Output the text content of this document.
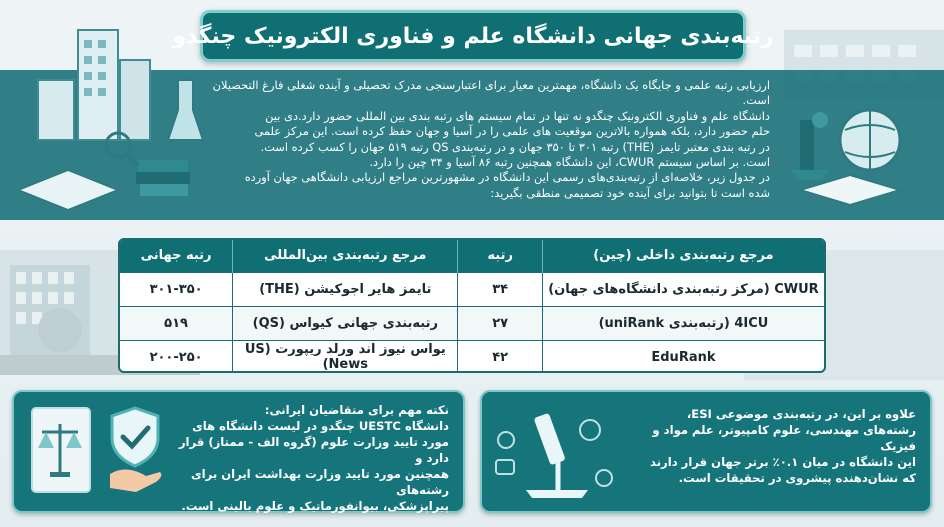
رتبه‌بندی جهانی دانشگاه علم و فناوری الکترونیک چنگدو

ارزیابی رتبه علمی و جایگاه یک دانشگاه، مهمترین معیار برای اعتبارسنجی مدرک تحصیلی و آینده شغلی فارغ التحصیلان است.

دانشگاه علم و فناوری الکترونیک چنگدو نه تنها در تمام سیستم های رتبه بندی بین المللی حضور دارد.دی بین

حلم حضور دارد، بلکه همواره بالاترین موقعیت های علمی را در آسیا و جهان حفظ کرده است. این مرکز علمی

در رتبه بندی معتبر تایمز (THE) رتبه ۳۰۱ تا ۳۵۰ جهان و در رتبه‌بندی QS رتبه ۵۱۹ جهان را کسب کرده است.

است. بر اساس سیستم CWUR، این دانشگاه همچنین رتبه ۸۶ آسیا و ۳۴ چین را دارد.

در جدول زیر، خلاصه‌ای از رتبه‌بندی‌های رسمی این دانشگاه در مشهورترین مراجع ارزیابی دانشگاهی جهان آورده

شده است تا بتوانید برای آینده خود تصمیمی منطقی بگیرید:

مرجع رتبه‌بندی داخلی (چین)	رتبه	مرجع رتبه‌بندی بین‌المللی	رتبه جهانی
CWUR (مرکز رتبه‌بندی دانشگاه‌های جهان)	۳۴	تایمز هایر اجوکیشن (THE)	۳۰۱-۳۵۰
4ICU (رتبه‌بندی uniRank)	۲۷	رتبه‌بندی جهانی کیواس (QS)	۵۱۹
EduRank	۴۲	یواس نیوز اند ورلد ریپورت (US News)	۲۰۰-۲۵۰
نکته مهم برای متقاضیان ایرانی:
دانشگاه UESTC چنگدو در لیست دانشگاه های
مورد تایید وزارت علوم (گروه الف - ممتاز) قرار دارد و
همچنین مورد تایید وزارت بهداشت ایران برای رشته‌های
پیراپزشکی، بیوانفورماتیک و علوم بالینی است.
علاوه بر این، در رتبه‌بندی موضوعی ESI،
رشته‌های مهندسی، علوم کامپیوتر، علم مواد و فیزیک
این دانشگاه در میان ۰.۱٪ برتر جهان قرار دارند
که نشان‌دهنده پیشروی در تحقیقات است.
